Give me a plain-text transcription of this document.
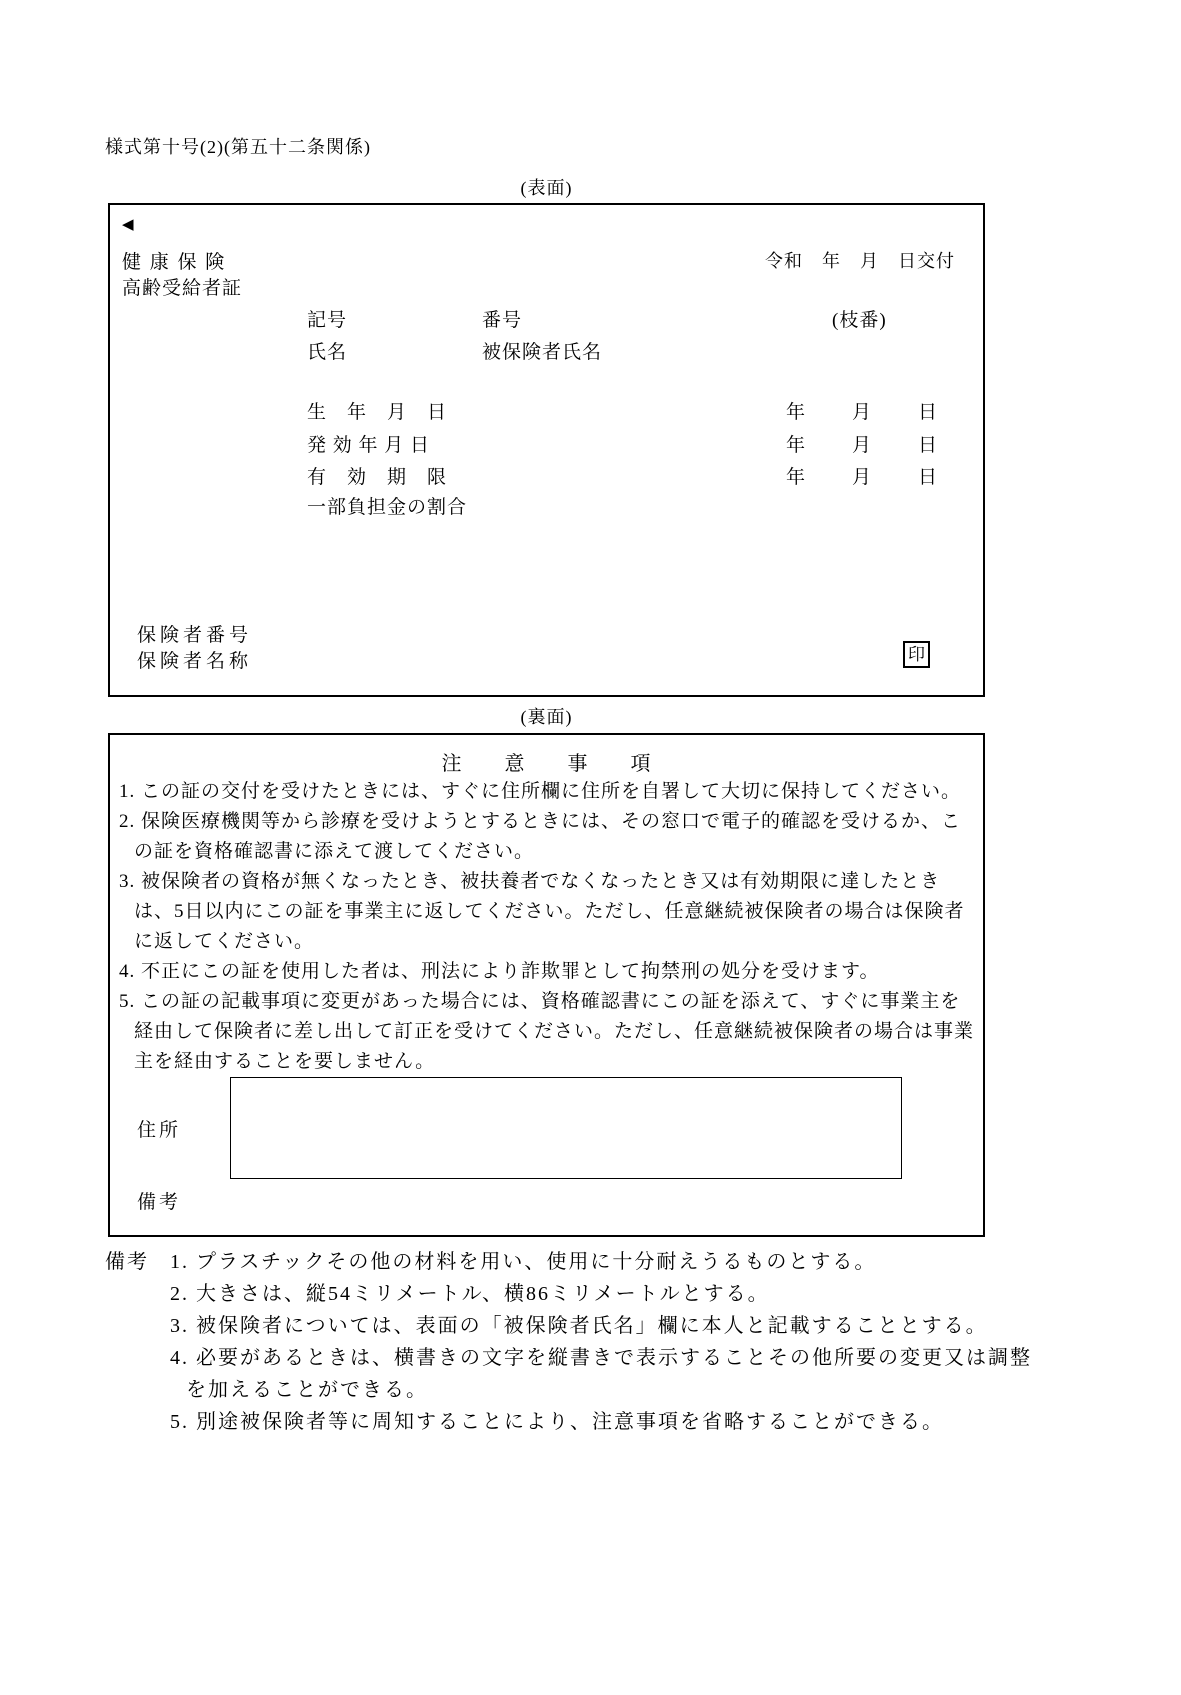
様式第十号(2)(第五十二条関係)
(表面)
◀
健 康 保 険
高齢受給者証
令和　年　月　日交付
記号	番号	(枝番)
氏名	被保険者氏名
生　年　月　日	年　　月　　日
発 効 年 月 日	年　　月　　日
有　効　期　限	年　　月　　日
一部負担金の割合
保険者番号
保険者名称	印
(裏面)
注　　意　　事　　項
1. この証の交付を受けたときには、すぐに住所欄に住所を自署して大切に保持してください。
2. 保険医療機関等から診療を受けようとするときには、その窓口で電子的確認を受けるか、この証を資格確認書に添えて渡してください。
3. 被保険者の資格が無くなったとき、被扶養者でなくなったとき又は有効期限に達したときは、5日以内にこの証を事業主に返してください。ただし、任意継続被保険者の場合は保険者に返してください。
4. 不正にこの証を使用した者は、刑法により詐欺罪として拘禁刑の処分を受けます。
5. この証の記載事項に変更があった場合には、資格確認書にこの証を添えて、すぐに事業主を経由して保険者に差し出して訂正を受けてください。ただし、任意継続被保険者の場合は事業主を経由することを要しません。
住所
備考
備考	1. プラスチックその他の材料を用い、使用に十分耐えうるものとする。
2. 大きさは、縦54ミリメートル、横86ミリメートルとする。
3. 被保険者については、表面の「被保険者氏名」欄に本人と記載することとする。
4. 必要があるときは、横書きの文字を縦書きで表示することその他所要の変更又は調整を加えることができる。
5. 別途被保険者等に周知することにより、注意事項を省略することができる。
